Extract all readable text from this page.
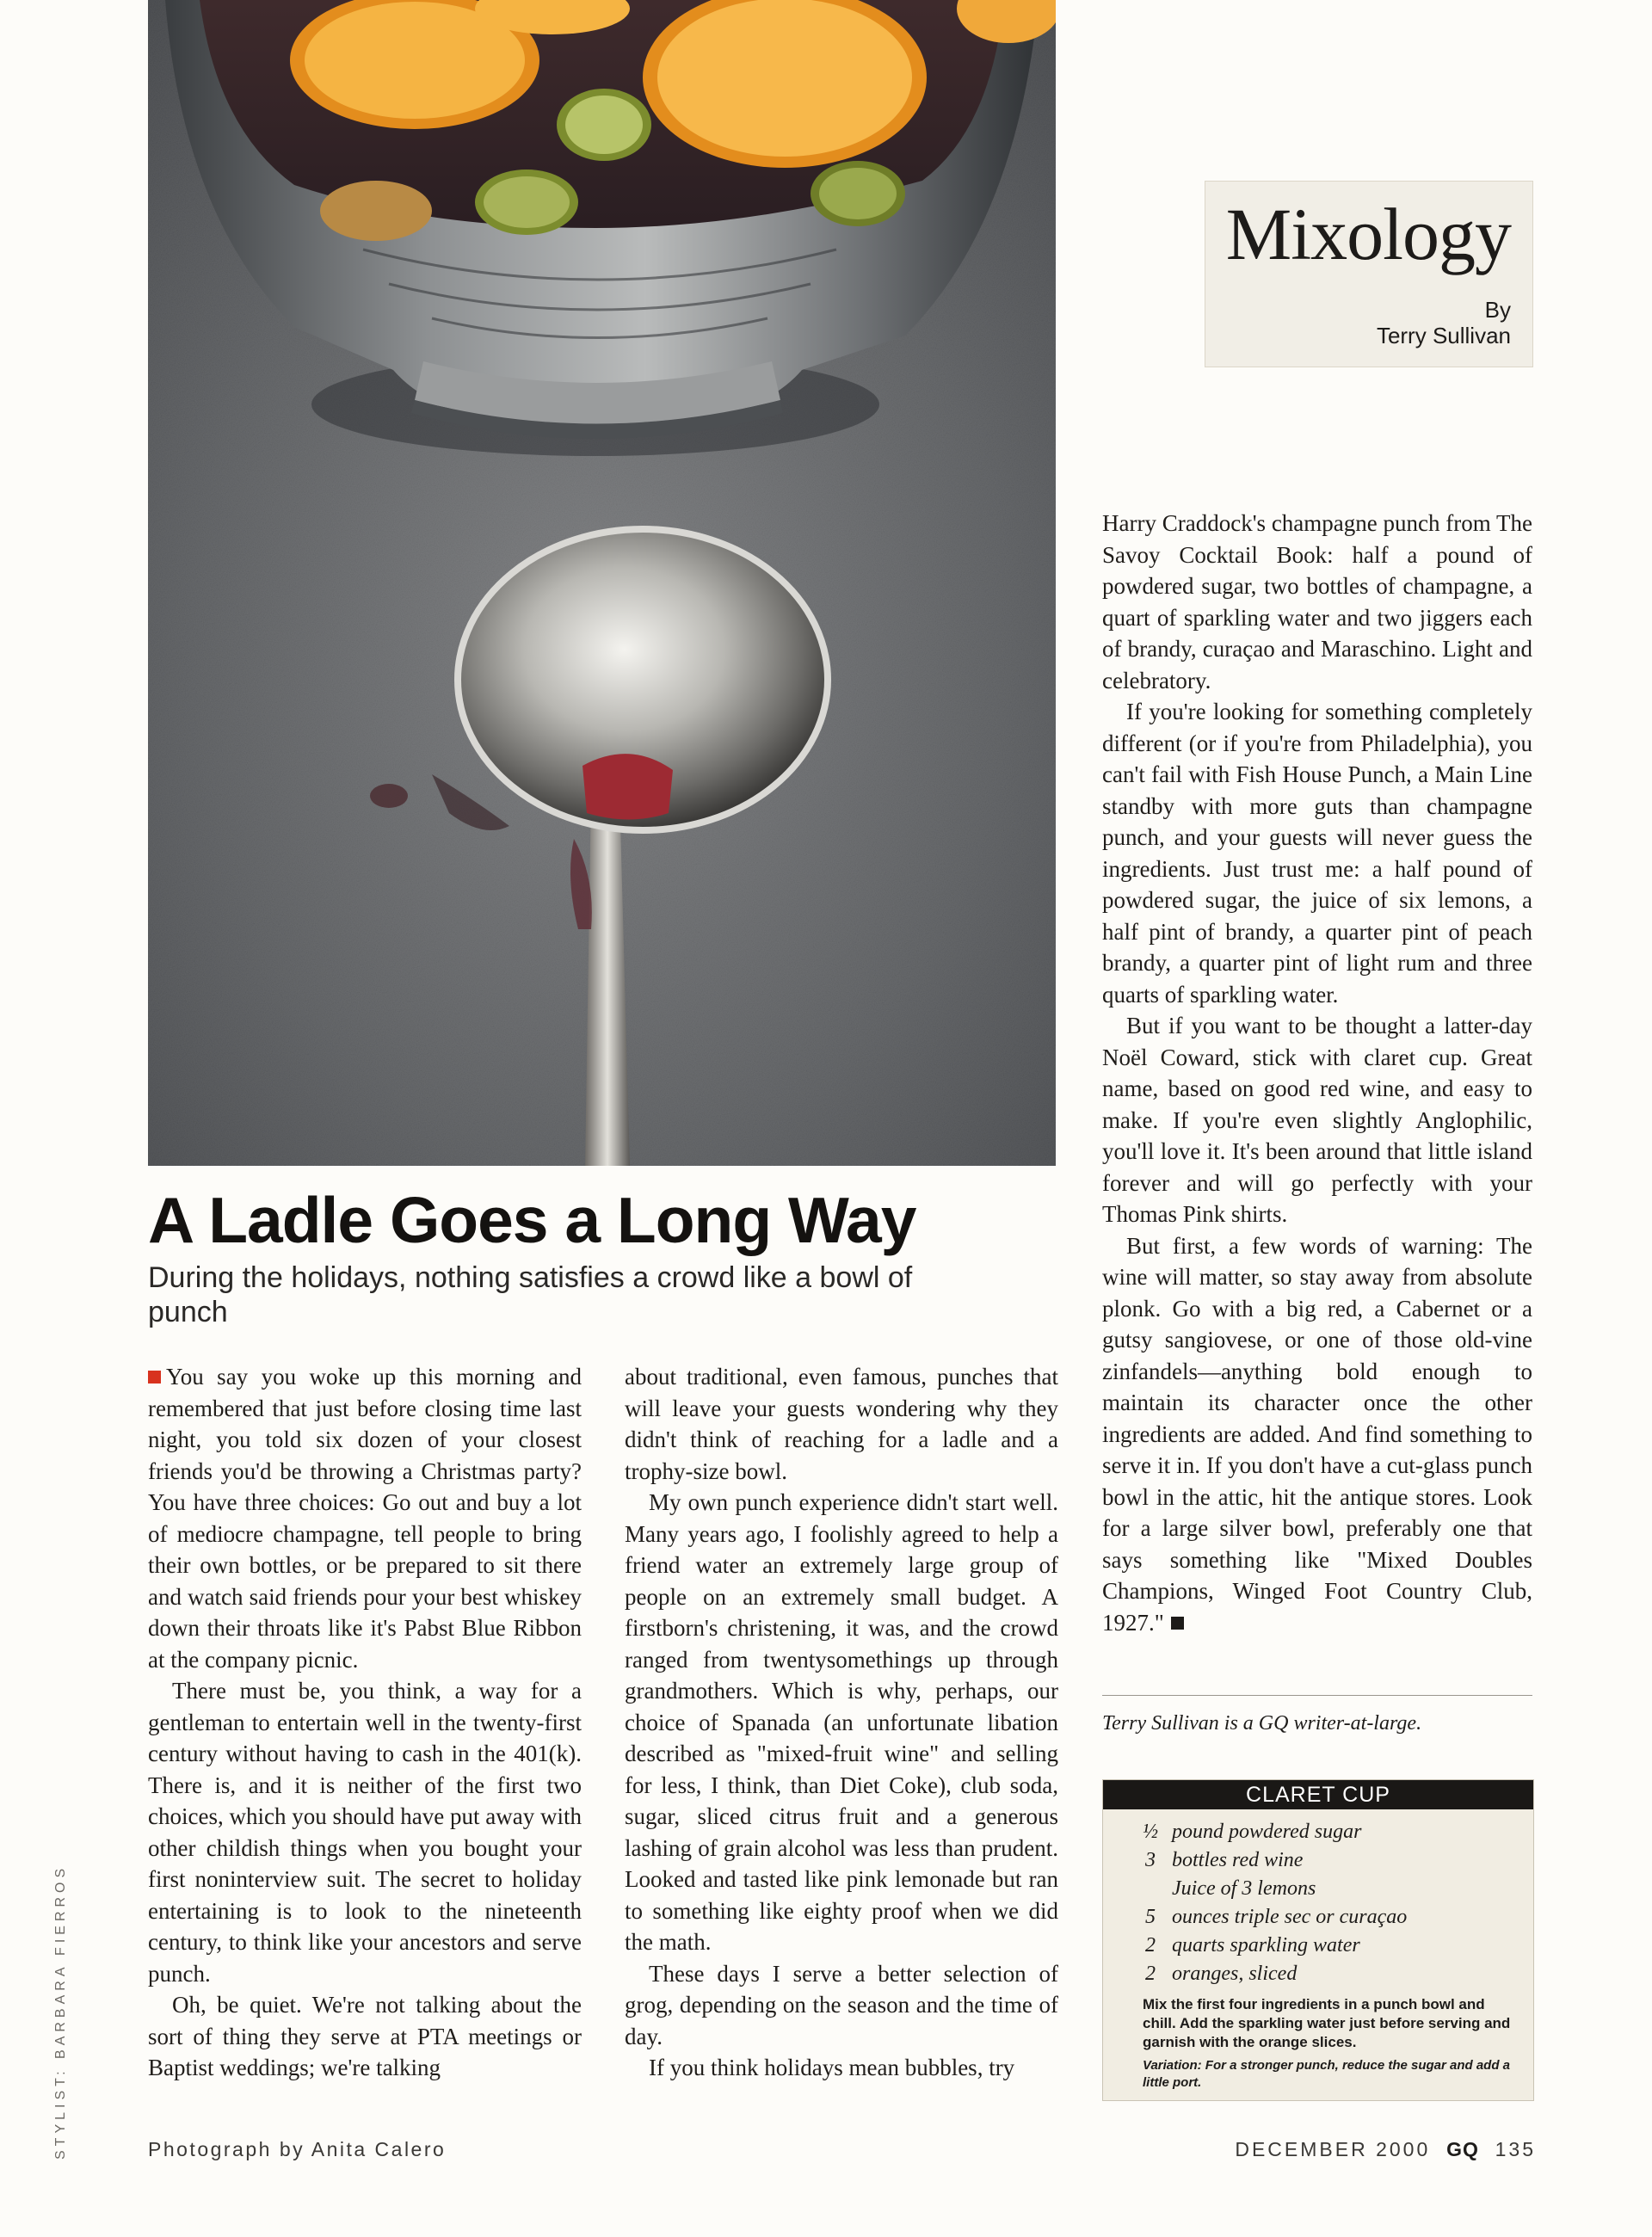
Mixology
By
Terry Sullivan
A Ladle Goes a Long Way
During the holidays, nothing satisfies a crowd like a bowl of punch

You say you woke up this morning and remembered that just before closing time last night, you told six dozen of your closest friends you'd be throwing a Christmas party? You have three choices: Go out and buy a lot of mediocre champagne, tell people to bring their own bottles, or be prepared to sit there and watch said friends pour your best whiskey down their throats like it's Pabst Blue Ribbon at the company picnic.

There must be, you think, a way for a gentleman to entertain well in the twenty-first century without having to cash in the 401(k). There is, and it is neither of the first two choices, which you should have put away with other childish things when you bought your first noninterview suit. The secret to holiday entertaining is to look to the nineteenth century, to think like your ancestors and serve punch.

Oh, be quiet. We're not talking about the sort of thing they serve at PTA meetings or Baptist weddings; we're talking

about traditional, even famous, punches that will leave your guests wondering why they didn't think of reaching for a ladle and a trophy-size bowl.

My own punch experience didn't start well. Many years ago, I foolishly agreed to help a friend water an extremely large group of people on an extremely small budget. A firstborn's christening, it was, and the crowd ranged from twentysomethings up through grandmothers. Which is why, perhaps, our choice of Spanada (an unfortunate libation described as "mixed-fruit wine" and selling for less, I think, than Diet Coke), club soda, sugar, sliced citrus fruit and a generous lashing of grain alcohol was less than prudent. Looked and tasted like pink lemonade but ran to something like eighty proof when we did the math.

These days I serve a better selection of grog, depending on the season and the time of day.

If you think holidays mean bubbles, try

Harry Craddock's champagne punch from The Savoy Cocktail Book: half a pound of powdered sugar, two bottles of champagne, a quart of sparkling water and two jiggers each of brandy, curaçao and Maraschino. Light and celebratory.

If you're looking for something completely different (or if you're from Philadelphia), you can't fail with Fish House Punch, a Main Line standby with more guts than champagne punch, and your guests will never guess the ingredients. Just trust me: a half pound of powdered sugar, the juice of six lemons, a half pint of brandy, a quarter pint of peach brandy, a quarter pint of light rum and three quarts of sparkling water.

But if you want to be thought a latter-day Noël Coward, stick with claret cup. Great name, based on good red wine, and easy to make. If you're even slightly Anglophilic, you'll love it. It's been around that little island forever and will go perfectly with your Thomas Pink shirts.

But first, a few words of warning: The wine will matter, so stay away from absolute plonk. Go with a big red, a Cabernet or a gutsy sangiovese, or one of those old-vine zinfandels—anything bold enough to maintain its character once the other ingredients are added. And find something to serve it in. If you don't have a cut-glass punch bowl in the attic, hit the antique stores. Look for a large silver bowl, preferably one that says something like "Mixed Doubles Champions, Winged Foot Country Club, 1927."

Terry Sullivan is a GQ writer-at-large.
CLARET CUP
½ pound powdered sugar
3 bottles red wine
Juice of 3 lemons
5 ounces triple sec or curaçao
2 quarts sparkling water
2 oranges, sliced
Mix the first four ingredients in a punch bowl and chill. Add the sparkling water just before serving and garnish with the orange slices.
Variation: For a stronger punch, reduce the sugar and add a little port.
STYLIST: BARBARA FIERROS	Photograph by Anita Calero	DECEMBER 2000 GQ 135
